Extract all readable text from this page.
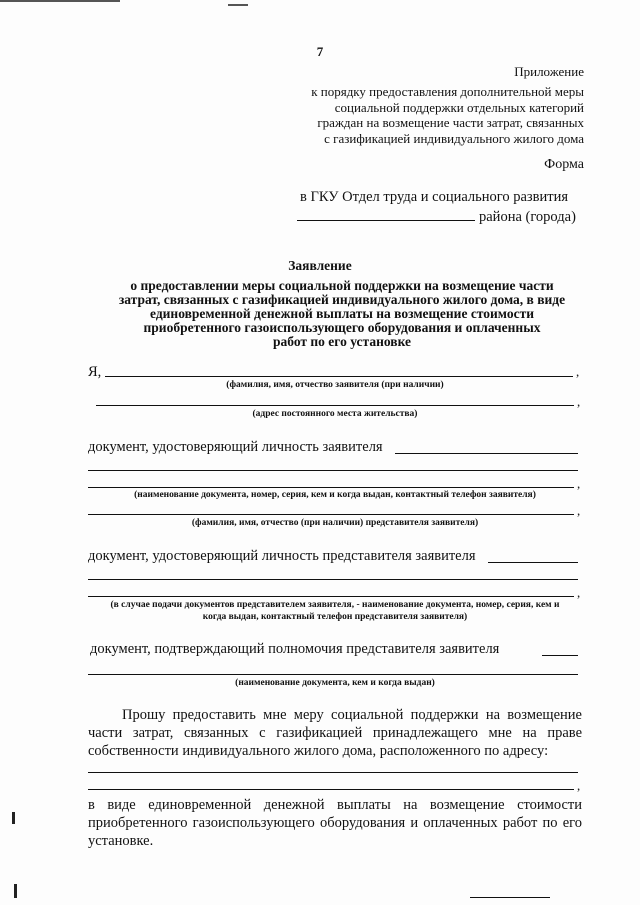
7
Приложение
к порядку предоставления дополнительной меры
социальной поддержки отдельных категорий
граждан на возмещение части затрат, связанных
с газификацией индивидуального жилого дома
Форма
в ГКУ Отдел труда и социального развития
района (города)
Заявление
о предоставлении меры социальной поддержки на возмещение части
затрат, связанных с газификацией индивидуального жилого дома, в виде
единовременной денежной выплаты на возмещение стоимости
приобретенного газоиспользующего оборудования и оплаченных
работ по его установке
Я,	,
(фамилия, имя, отчество заявителя (при наличии)
,
(адрес постоянного места жительства)
документ, удостоверяющий личность заявителя
,
(наименование документа, номер, серия, кем и когда выдан, контактный телефон заявителя)
,
(фамилия, имя, отчество (при наличии) представителя заявителя)
документ, удостоверяющий личность представителя заявителя
,
(в случае подачи документов представителем заявителя, - наименование документа, номер, серия, кем и
когда выдан, контактный телефон представителя заявителя)
документ, подтверждающий полномочия представителя заявителя
(наименование документа, кем и когда выдан)
Прошу предоставить мне меру социальной поддержки на возмещение части затрат, связанных с газификацией принадлежащего мне на праве собственности индивидуального жилого дома, расположенного по адресу:
,
в виде единовременной денежной выплаты на возмещение стоимости приобретенного газоиспользующего оборудования и оплаченных работ по его установке.
